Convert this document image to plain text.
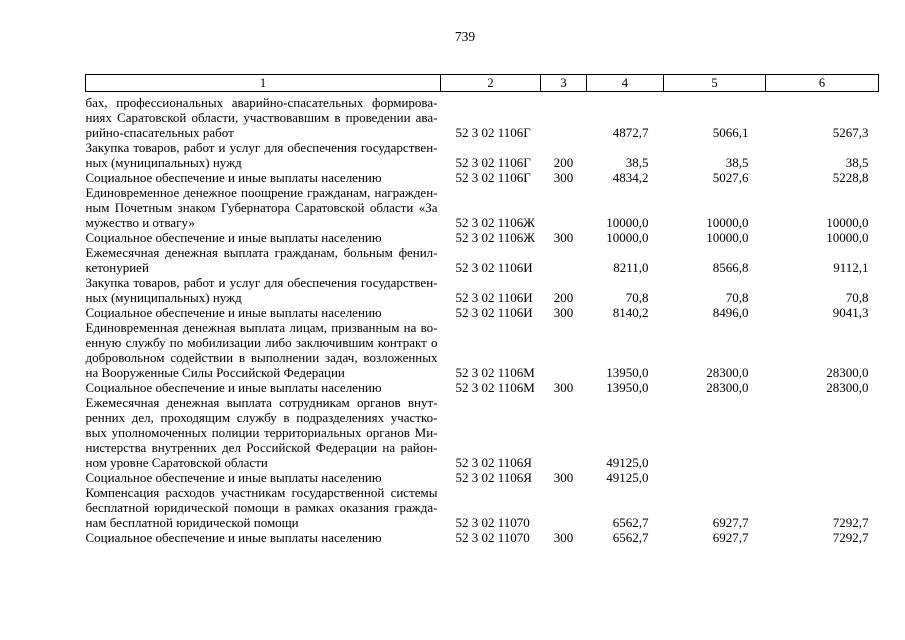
739
1	2	3	4	5	6

бах, профессиональных аварийно-спасательных формирова-
ниях Саратовской области, участвовавшим в проведении ава-
рийно-спасательных работ	52 3 02 1106Г		4872,7	5066,1	5267,3

Закупка товаров, работ и услуг для обеспечения государствен-
ных (муниципальных) нужд	52 3 02 1106Г	200	38,5	38,5	38,5

Социальное обеспечение и иные выплаты населению	52 3 02 1106Г	300	4834,2	5027,6	5228,8

Единовременное денежное поощрение гражданам, награжден-
ным Почетным знаком Губернатора Саратовской области «За
мужество и отвагу»	52 3 02 1106Ж		10000,0	10000,0	10000,0

Социальное обеспечение и иные выплаты населению	52 3 02 1106Ж	300	10000,0	10000,0	10000,0

Ежемесячная денежная выплата гражданам, больным фенил-
кетонурией	52 3 02 1106И		8211,0	8566,8	9112,1

Закупка товаров, работ и услуг для обеспечения государствен-
ных (муниципальных) нужд	52 3 02 1106И	200	70,8	70,8	70,8

Социальное обеспечение и иные выплаты населению	52 3 02 1106И	300	8140,2	8496,0	9041,3

Единовременная денежная выплата лицам, призванным на во-
енную службу по мобилизации либо заключившим контракт о
добровольном содействии в выполнении задач, возложенных
на Вооруженные Силы Российской Федерации	52 3 02 1106М		13950,0	28300,0	28300,0

Социальное обеспечение и иные выплаты населению	52 3 02 1106М	300	13950,0	28300,0	28300,0

Ежемесячная денежная выплата сотрудникам органов внут-
ренних дел, проходящим службу в подразделениях участко-
вых уполномоченных полиции территориальных органов Ми-
нистерства внутренних дел Российской Федерации на район-
ном уровне Саратовской области	52 3 02 1106Я		49125,0		

Социальное обеспечение и иные выплаты населению	52 3 02 1106Я	300	49125,0		

Компенсация расходов участникам государственной системы
бесплатной юридической помощи в рамках оказания гражда-
нам бесплатной юридической помощи	52 3 02 11070		6562,7	6927,7	7292,7

Социальное обеспечение и иные выплаты населению	52 3 02 11070	300	6562,7	6927,7	7292,7
